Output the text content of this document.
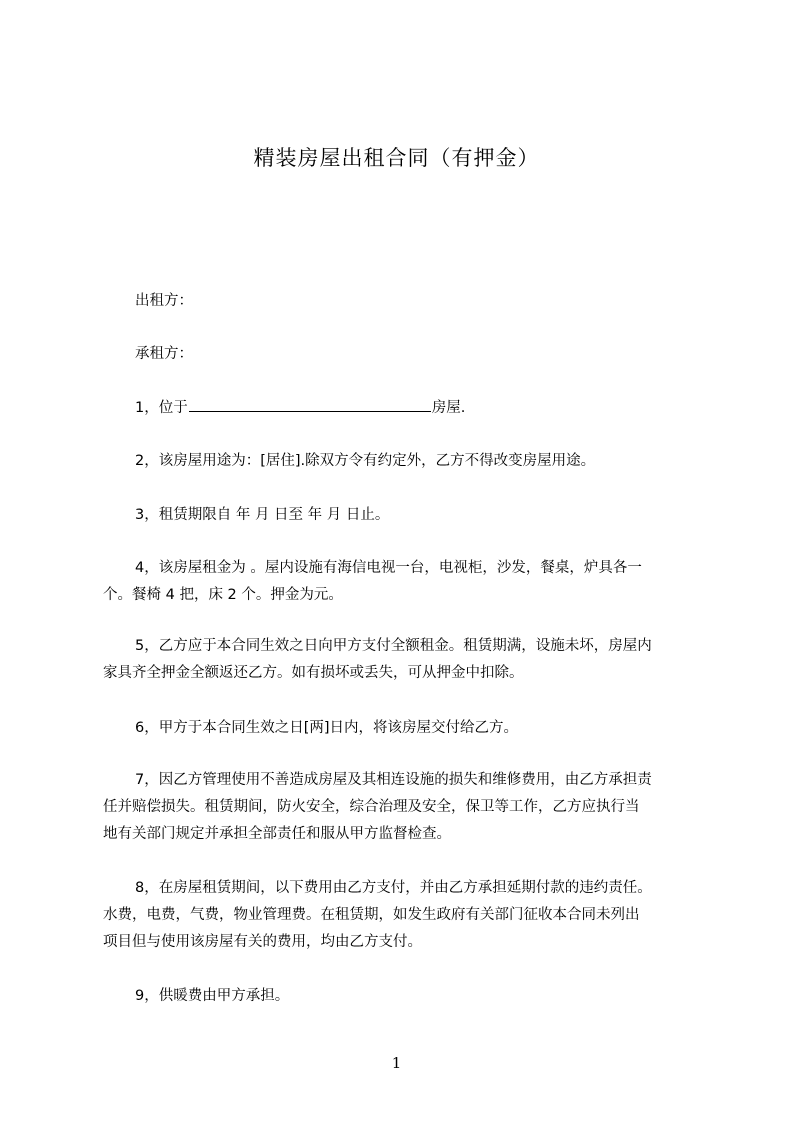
精装房屋出租合同（有押金）
出租方：
承租方：
1，位于	房屋.
2，该房屋用途为：[居住].除双方令有约定外，乙方不得改变房屋用途。
3，租赁期限自 年 月 日至 年 月 日止。
4，该房屋租金为 。屋内设施有海信电视一台，电视柜，沙发，餐桌，炉具各一
个。餐椅 4 把，床 2 个。押金为元。
5，乙方应于本合同生效之日向甲方支付全额租金。租赁期满，设施未坏，房屋内
家具齐全押金全额返还乙方。如有损坏或丢失，可从押金中扣除。
6，甲方于本合同生效之日[两]日内，将该房屋交付给乙方。
7，因乙方管理使用不善造成房屋及其相连设施的损失和维修费用，由乙方承担责
任并赔偿损失。租赁期间，防火安全，综合治理及安全，保卫等工作，乙方应执行当
地有关部门规定并承担全部责任和服从甲方监督检查。
8，在房屋租赁期间，以下费用由乙方支付，并由乙方承担延期付款的违约责任。
水费，电费，气费，物业管理费。在租赁期，如发生政府有关部门征收本合同未列出
项目但与使用该房屋有关的费用，均由乙方支付。
9，供暖费由甲方承担。
1
